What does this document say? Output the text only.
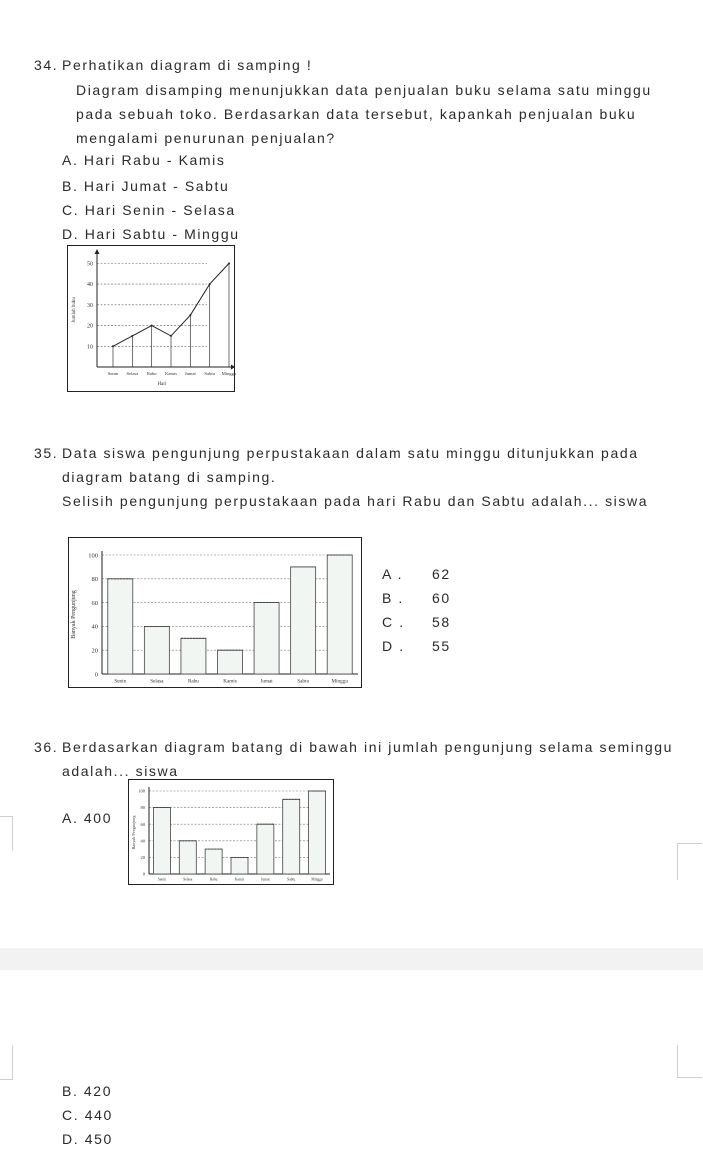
34. Perhatikan diagram di samping !
Diagram disamping menunjukkan data penjualan buku selama satu minggu
pada sebuah toko. Berdasarkan data tersebut, kapankah penjualan buku
mengalami penurunan penjualan?
A. Hari Rabu - Kamis
B. Hari Jumat - Sabtu
C. Hari Senin - Selasa
D. Hari Sabtu - Minggu
10
20
30
40
50
Jumlah buku
Senin Selasa Rabu Kamis Jumat Sabtu Minggu
Hari
35. Data siswa pengunjung perpustakaan dalam satu minggu ditunjukkan pada
diagram batang di samping.
Selisih pengunjung perpustakaan pada hari Rabu dan Sabtu adalah... siswa
0
20
40
60
80
100
Banyak Pengunjung
Senin	Selasa	Rabu	Kamis	Jumat	Sabtu	Minggu
A . 62
B . 60
C . 58
D . 55
36. Berdasarkan diagram batang di bawah ini jumlah pengunjung selama seminggu
adalah... siswa
A. 400
0
20
40
60
80
100
Banyak Pengunjung
Senin	Selasa	Rabu	Kamis	Jumat	Sabtu	Minggu
B. 420
C. 440
D. 450
